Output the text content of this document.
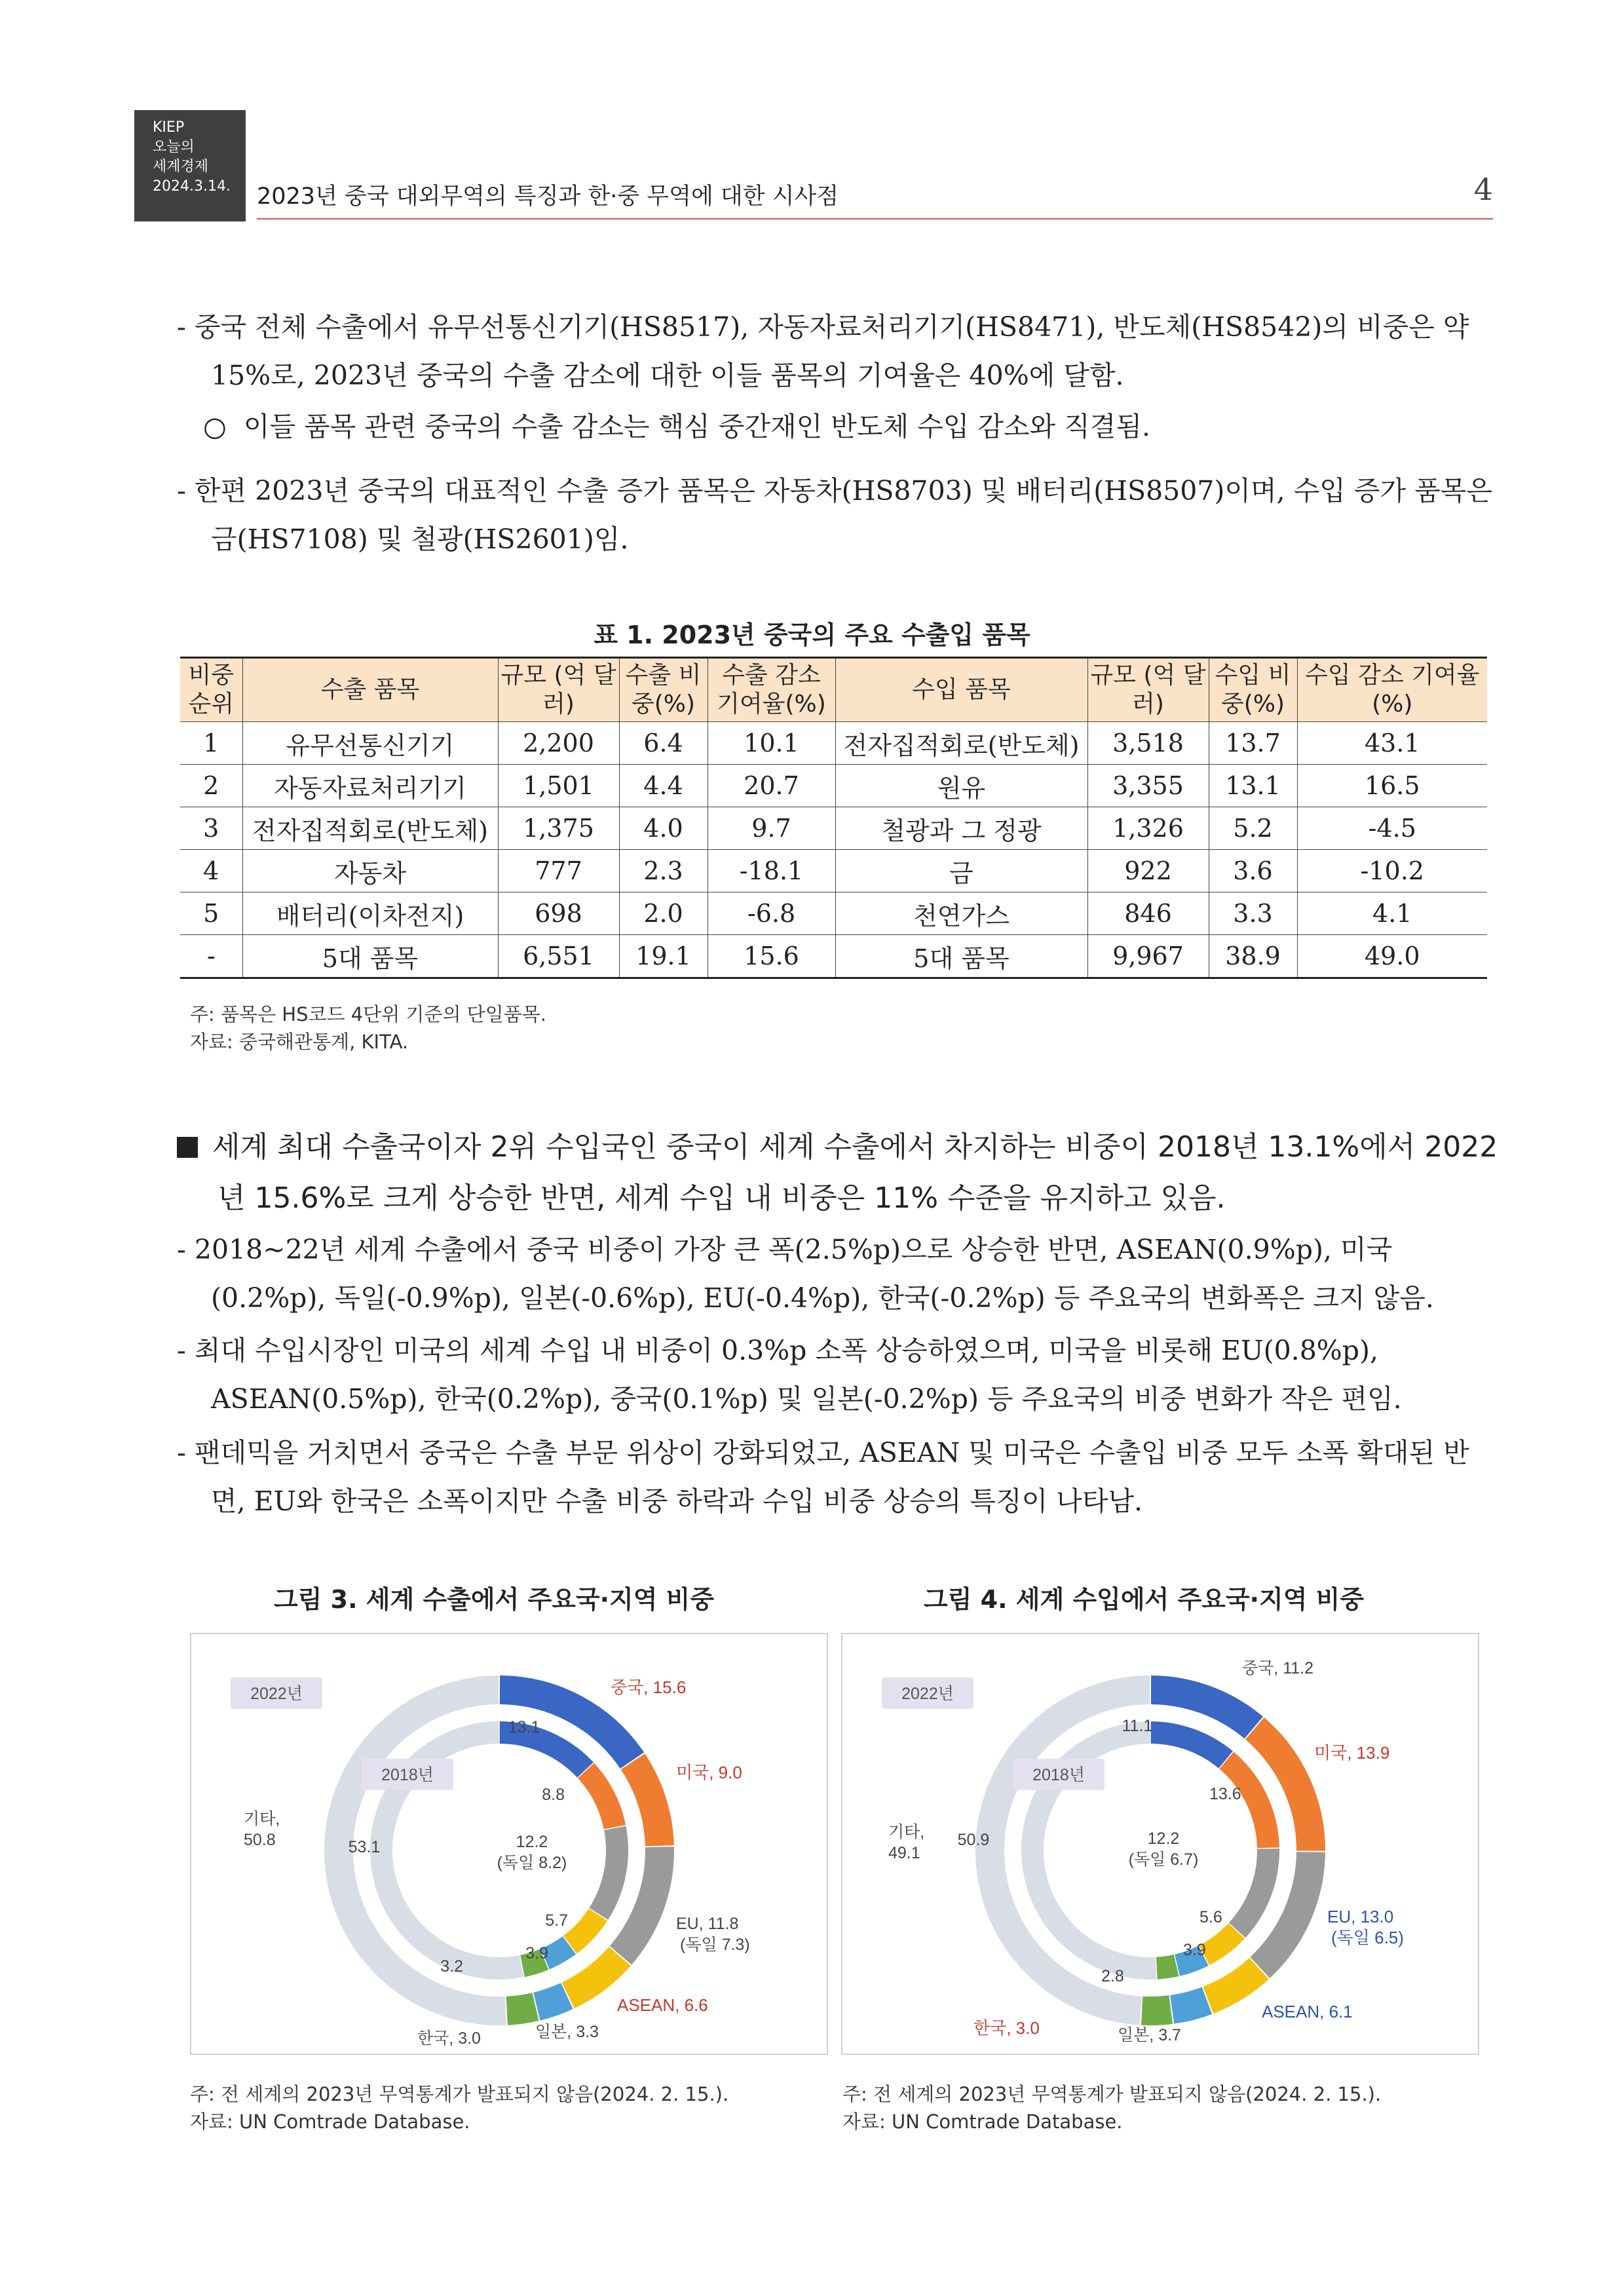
KIEP
오늘의
세계경제
2024.3.14.	2023년 중국 대외무역의 특징과 한·중 무역에 대한 시사점	4
- 중국 전체 수출에서 유무선통신기기(HS8517), 자동자료처리기기(HS8471), 반도체(HS8542)의 비중은 약 15%로, 2023년 중국의 수출 감소에 대한 이들 품목의 기여율은 40%에 달함.
○ 이들 품목 관련 중국의 수출 감소는 핵심 중간재인 반도체 수입 감소와 직결됨.
- 한편 2023년 중국의 대표적인 수출 증가 품목은 자동차(HS8703) 및 배터리(HS8507)이며, 수입 증가 품목은 금(HS7108) 및 철광(HS2601)임.
표 1. 2023년 중국의 주요 수출입 품목
비중 순위	수출 품목	규모 (억 달러)	수출 비중(%)	수출 감소 기여율(%)	수입 품목	규모 (억 달러)	수입 비중(%)	수입 감소 기여율(%)
1	유무선통신기기	2,200	6.4	10.1	전자집적회로(반도체)	3,518	13.7	43.1
2	자동자료처리기기	1,501	4.4	20.7	원유	3,355	13.1	16.5
3	전자집적회로(반도체)	1,375	4.0	9.7	철광과 그 정광	1,326	5.2	-4.5
4	자동차	777	2.3	-18.1	금	922	3.6	-10.2
5	배터리(이차전지)	698	2.0	-6.8	천연가스	846	3.3	4.1
-	5대 품목	6,551	19.1	15.6	5대 품목	9,967	38.9	49.0
주: 품목은 HS코드 4단위 기준의 단일품목.
자료: 중국해관통계, KITA.
세계 최대 수출국이자 2위 수입국인 중국이 세계 수출에서 차지하는 비중이 2018년 13.1%에서 2022년 15.6%로 크게 상승한 반면, 세계 수입 내 비중은 11% 수준을 유지하고 있음.
- 2018~22년 세계 수출에서 중국 비중이 가장 큰 폭(2.5%p)으로 상승한 반면, ASEAN(0.9%p), 미국(0.2%p), 독일(-0.9%p), 일본(-0.6%p), EU(-0.4%p), 한국(-0.2%p) 등 주요국의 변화폭은 크지 않음.
- 최대 수입시장인 미국의 세계 수입 내 비중이 0.3%p 소폭 상승하였으며, 미국을 비롯해 EU(0.8%p), ASEAN(0.5%p), 한국(0.2%p), 중국(0.1%p) 및 일본(-0.2%p) 등 주요국의 비중 변화가 작은 편임.
- 팬데믹을 거치면서 중국은 수출 부문 위상이 강화되었고, ASEAN 및 미국은 수출입 비중 모두 소폭 확대된 반면, EU와 한국은 소폭이지만 수출 비중 하락과 수입 비중 상승의 특징이 나타남.
그림 3. 세계 수출에서 주요국·지역 비중	그림 4. 세계 수입에서 주요국·지역 비중
2022년
2018년
중국, 15.6
미국, 9.0
EU, 11.8
(독일 7.3)
ASEAN, 6.6
일본, 3.3
한국, 3.0
기타,
50.8
13.1
8.8
12.2
(독일 8.2)
5.7
3.9
3.2
53.1
2022년
2018년
중국, 11.2
미국, 13.9
EU, 13.0
(독일 6.5)
ASEAN, 6.1
일본, 3.7
한국, 3.0
기타,
49.1
11.1
13.6
12.2
(독일 6.7)
5.6
3.9
2.8
50.9
주: 전 세계의 2023년 무역통계가 발표되지 않음(2024. 2. 15.).
자료: UN Comtrade Database.
주: 전 세계의 2023년 무역통계가 발표되지 않음(2024. 2. 15.).
자료: UN Comtrade Database.
